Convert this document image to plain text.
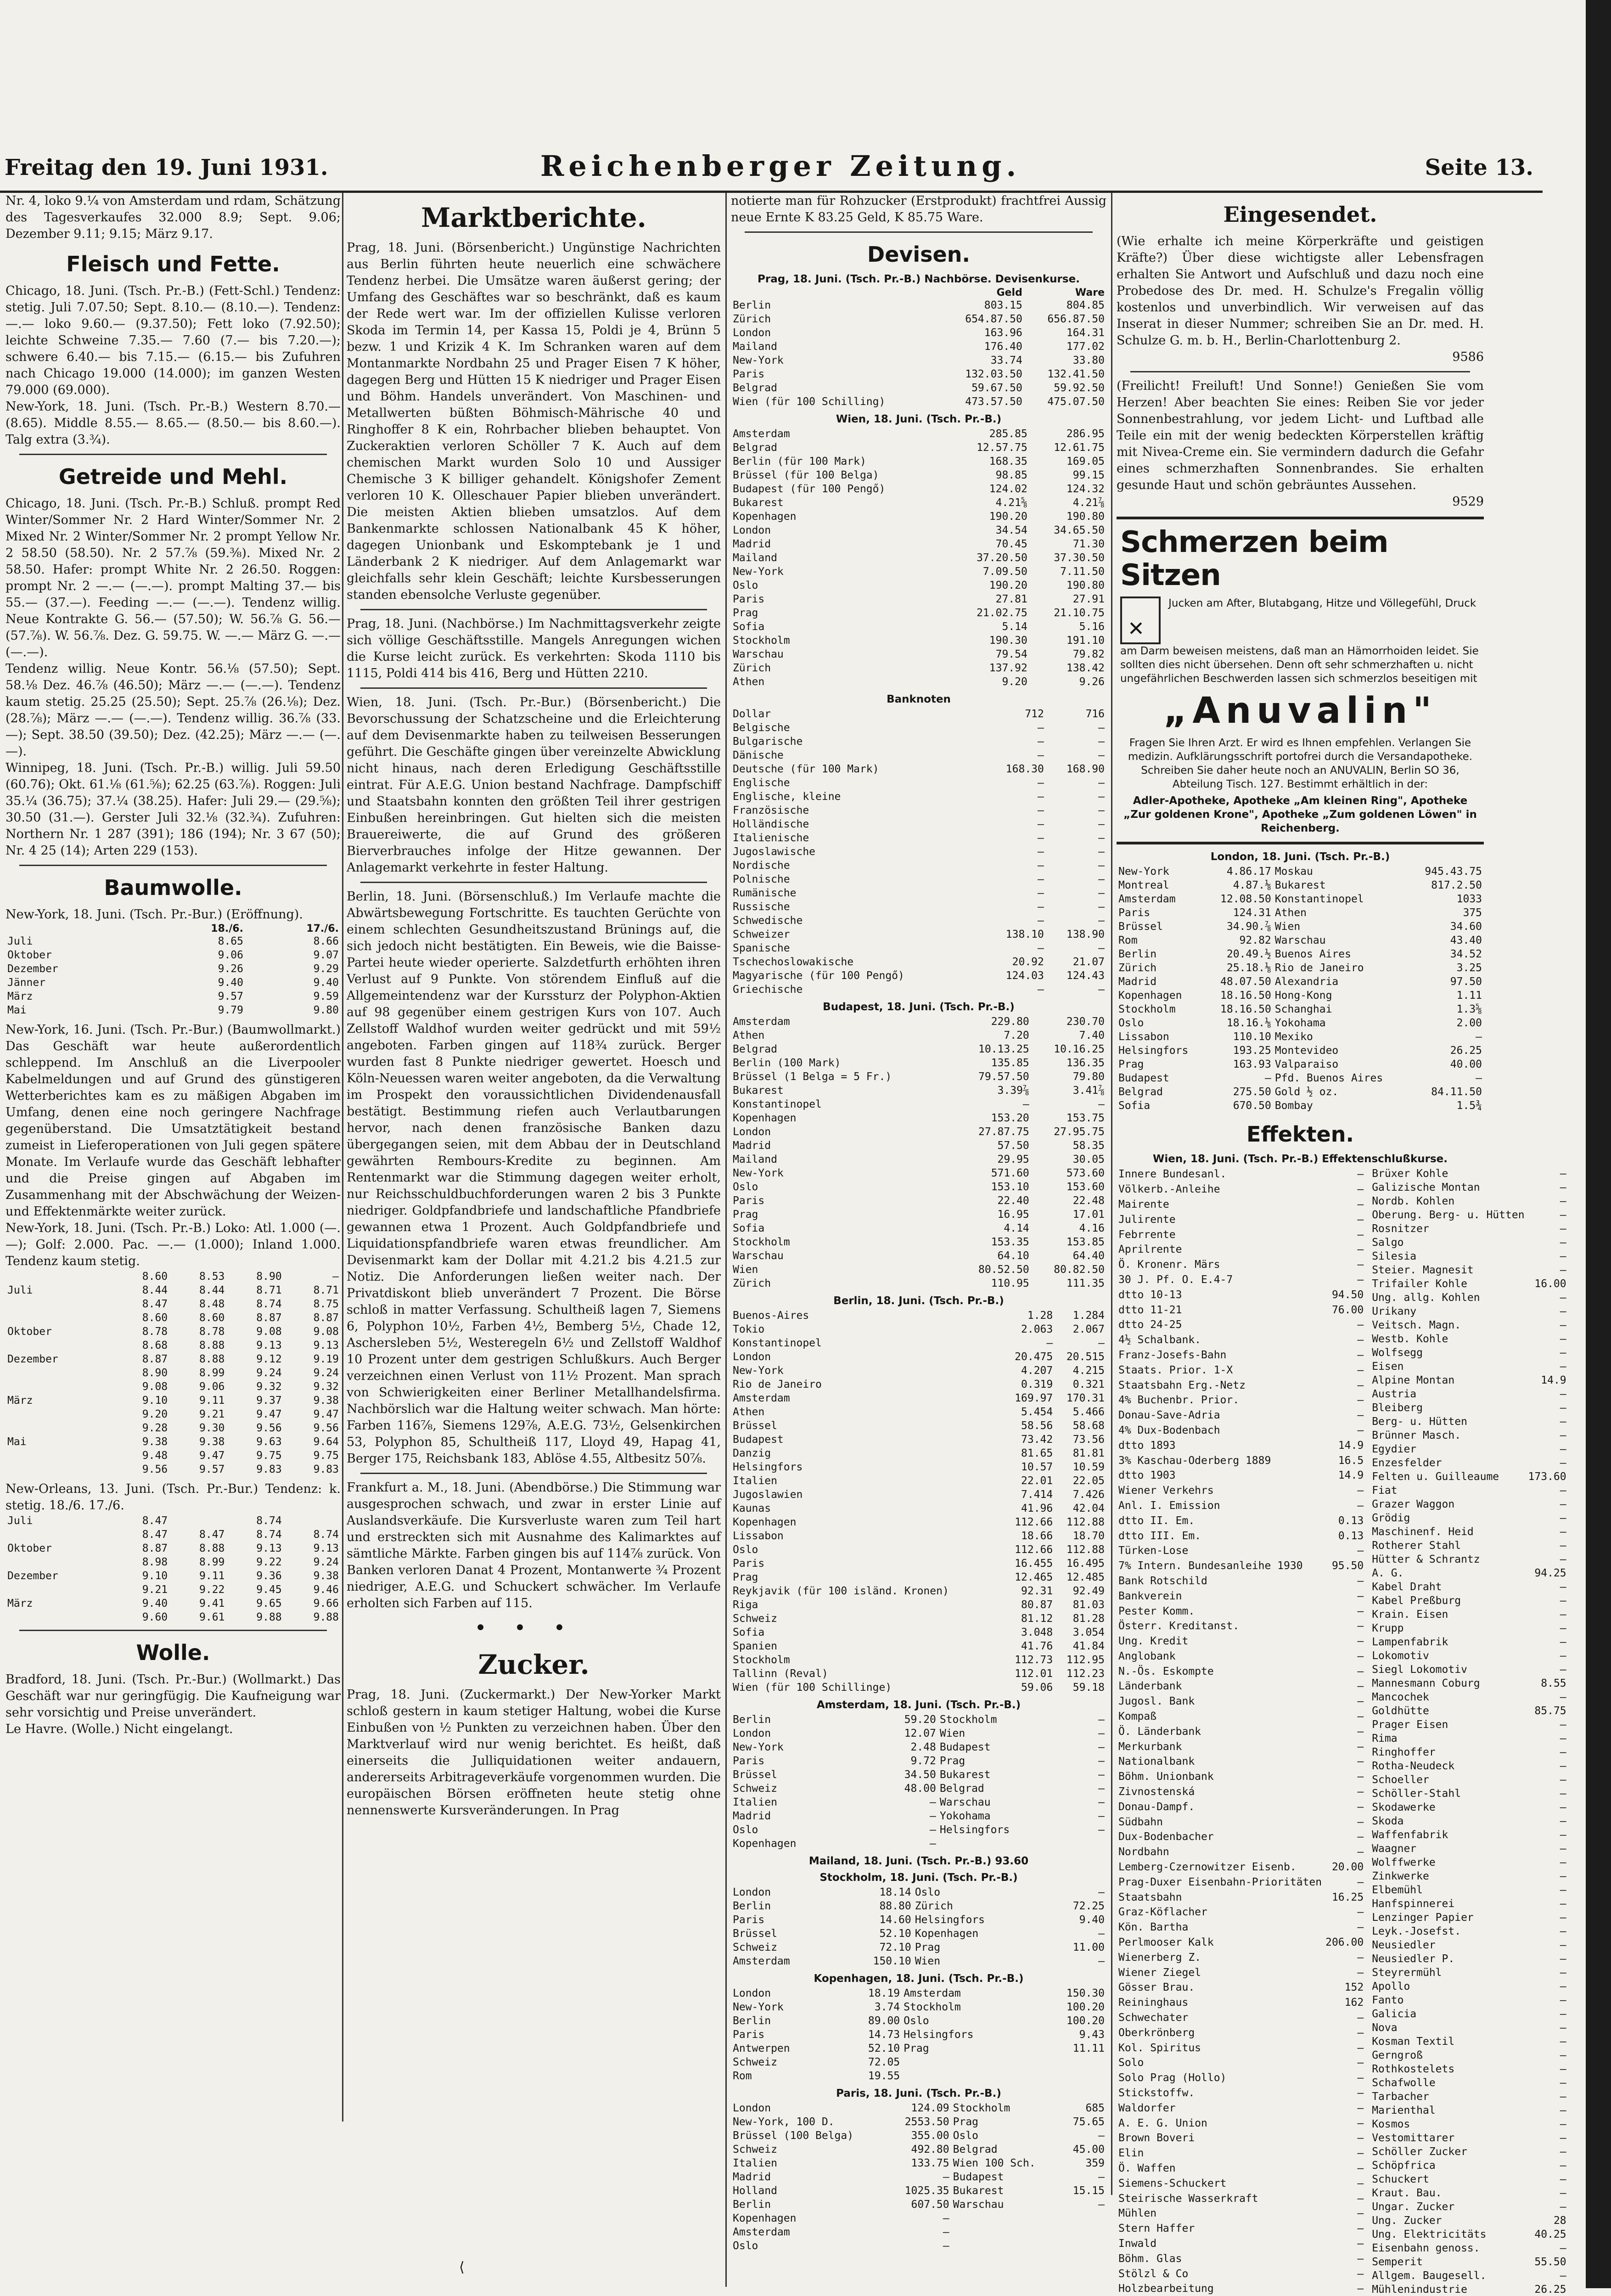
Freitag den 19. Juni 1931.	Reichenberger Zeitung.	Seite 13.
Nr. 4, loko 9.¼ von Amsterdam und rdam, Schätzung des Tagesverkaufes 32.000 8.9; Sept. 9.06; Dezember 9.11; 9.15; März 9.17.
Fleisch und Fette.
Chicago, 18. Juni. (Tsch. Pr.-B.) (Fett-Schl.) Tendenz: stetig. Juli 7.07.50; Sept. 8.10.— (8.10.—). Tendenz: —.— loko 9.60.— (9.37.50); Fett loko (7.92.50); leichte Schweine 7.35.— 7.60 (7.— bis 7.20.—); schwere 6.40.— bis 7.15.— (6.15.— bis Zufuhren nach Chicago 19.000 (14.000); im ganzen Westen 79.000 (69.000).
New-York, 18. Juni. (Tsch. Pr.-B.) Western 8.70.—(8.65). Middle 8.55.— 8.65.— (8.50.— bis 8.60.—). Talg extra (3.¾).
Getreide und Mehl.
Chicago, 18. Juni. (Tsch. Pr.-B.) Schluß. prompt Red Winter/Sommer Nr. 2 Hard Winter/Sommer Nr. 2 Mixed Nr. 2 Winter/Sommer Nr. 2 prompt Yellow Nr. 2 58.50 (58.50). Nr. 2 57.⅞ (59.⅜). Mixed Nr. 2 58.50. Hafer: prompt White Nr. 2 26.50. Roggen: prompt Nr. 2 —.— (—.—). prompt Malting 37.— bis 55.— (37.—). Feeding —.— (—.—). Tendenz willig. Neue Kontrakte G. 56.— (57.50); W. 56.⅞ G. 56.— (57.⅞). W. 56.⅞. Dez. G. 59.75. W. —.— März G. —.— (—.—).
Tendenz willig. Neue Kontr. 56.⅛ (57.50); Sept. 58.⅛ Dez. 46.⅞ (46.50); März —.— (—.—). Tendenz kaum stetig. 25.25 (25.50); Sept. 25.⅞ (26.⅛); Dez. (28.⅞); März —.— (—.—). Tendenz willig. 36.⅞ (33.—); Sept. 38.50 (39.50); Dez. (42.25); März —.— (—.—).
Winnipeg, 18. Juni. (Tsch. Pr.-B.) willig. Juli 59.50 (60.76); Okt. 61.⅛ (61.⅝); 62.25 (63.⅞). Roggen: Juli 35.¼ (36.75); 37.¼ (38.25). Hafer: Juli 29.— (29.⅝); 30.50 (31.—). Gerster Juli 32.⅛ (32.¾). Zufuhren: Northern Nr. 1 287 (391); 186 (194); Nr. 3 67 (50); Nr. 4 25 (14); Arten 229 (153).
Baumwolle.
New-York, 18. Juni. (Tsch. Pr.-Bur.) (Eröffnung).
	18./6.	17./6.
Juli	8.65	8.66
Oktober	9.06	9.07
Dezember	9.26	9.29
Jänner	9.40	9.40
März	9.57	9.59
Mai	9.79	9.80
New-York, 16. Juni. (Tsch. Pr.-Bur.) (Baumwollmarkt.) Das Geschäft war heute außerordentlich schleppend. Im Anschluß an die Liverpooler Kabelmeldungen und auf Grund des günstigeren Wetterberichtes kam es zu mäßigen Abgaben im Umfang, denen eine noch geringere Nachfrage gegenüberstand. Die Umsatztätigkeit bestand zumeist in Lieferoperationen von Juli gegen spätere Monate. Im Verlaufe wurde das Geschäft lebhafter und die Preise gingen auf Abgaben im Zusammenhang mit der Abschwächung der Weizen- und Effektenmärkte weiter zurück.
New-York, 18. Juni. (Tsch. Pr.-B.) Loko: Atl. 1.000 (—.—); Golf: 2.000. Pac. —.— (1.000); Inland 1.000. Tendenz kaum stetig.
	8.60	8.53	8.90	—
Juli	8.44	8.44	8.71	8.71
	8.47	8.48	8.74	8.75
	8.60	8.60	8.87	8.87
Oktober	8.78	8.78	9.08	9.08
	8.68	8.88	9.13	9.13
Dezember	8.87	8.88	9.12	9.19
	8.90	8.99	9.24	9.24
	9.08	9.06	9.32	9.32
März	9.10	9.11	9.37	9.38
	9.20	9.21	9.47	9.47
	9.28	9.30	9.56	9.56
Mai	9.38	9.38	9.63	9.64
	9.48	9.47	9.75	9.75
	9.56	9.57	9.83	9.83
New-Orleans, 13. Juni. (Tsch. Pr.-Bur.) Tendenz: k. stetig. 18./6. 17./6.
Juli	8.47		8.74	
	8.47	8.47	8.74	8.74
Oktober	8.87	8.88	9.13	9.13
	8.98	8.99	9.22	9.24
Dezember	9.10	9.11	9.36	9.38
	9.21	9.22	9.45	9.46
März	9.40	9.41	9.65	9.66
	9.60	9.61	9.88	9.88
Wolle.
Bradford, 18. Juni. (Tsch. Pr.-Bur.) (Wollmarkt.) Das Geschäft war nur geringfügig. Die Kaufneigung war sehr vorsichtig und Preise unverändert.
Le Havre. (Wolle.) Nicht eingelangt.
Marktberichte.
Prag, 18. Juni. (Börsenbericht.) Ungünstige Nachrichten aus Berlin führten heute neuerlich eine schwächere Tendenz herbei. Die Umsätze waren äußerst gering; der Umfang des Geschäftes war so beschränkt, daß es kaum der Rede wert war. Im der offiziellen Kulisse verloren Skoda im Termin 14, per Kassa 15, Poldi je 4, Brünn 5 bezw. 1 und Krizik 4 K. Im Schranken waren auf dem Montanmarkte Nordbahn 25 und Prager Eisen 7 K höher, dagegen Berg und Hütten 15 K niedriger und Prager Eisen und Böhm. Handels unverändert. Von Maschinen- und Metallwerten büßten Böhmisch-Mährische 40 und Ringhoffer 8 K ein, Rohrbacher blieben behauptet. Von Zuckeraktien verloren Schöller 7 K. Auch auf dem chemischen Markt wurden Solo 10 und Aussiger Chemische 3 K billiger gehandelt. Königshofer Zement verloren 10 K. Olleschauer Papier blieben unverändert. Die meisten Aktien blieben umsatzlos. Auf dem Bankenmarkte schlossen Nationalbank 45 K höher, dagegen Unionbank und Eskomptebank je 1 und Länderbank 2 K niedriger. Auf dem Anlagemarkt war gleichfalls sehr klein Geschäft; leichte Kursbesserungen standen ebensolche Verluste gegenüber.
Prag, 18. Juni. (Nachbörse.) Im Nachmittagsverkehr zeigte sich völlige Geschäftsstille. Mangels Anregungen wichen die Kurse leicht zurück. Es verkehrten: Skoda 1110 bis 1115, Poldi 414 bis 416, Berg und Hütten 2210.
Wien, 18. Juni. (Tsch. Pr.-Bur.) (Börsenbericht.) Die Bevorschussung der Schatzscheine und die Erleichterung auf dem Devisenmarkte haben zu teilweisen Besserungen geführt. Die Geschäfte gingen über vereinzelte Abwicklung nicht hinaus, nach deren Erledigung Geschäftsstille eintrat. Für A.E.G. Union bestand Nachfrage. Dampfschiff und Staatsbahn konnten den größten Teil ihrer gestrigen Einbußen hereinbringen. Gut hielten sich die meisten Brauereiwerte, die auf Grund des größeren Bierverbrauches infolge der Hitze gewannen. Der Anlagemarkt verkehrte in fester Haltung.
Berlin, 18. Juni. (Börsenschluß.) Im Verlaufe machte die Abwärtsbewegung Fortschritte. Es tauchten Gerüchte von einem schlechten Gesundheitszustand Brünings auf, die sich jedoch nicht bestätigten. Ein Beweis, wie die Baisse-Partei heute wieder operierte. Salzdetfurth erhöhten ihren Verlust auf 9 Punkte. Von störendem Einfluß auf die Allgemeintendenz war der Kurssturz der Polyphon-Aktien auf 98 gegenüber einem gestrigen Kurs von 107. Auch Zellstoff Waldhof wurden weiter gedrückt und mit 59½ angeboten. Farben gingen auf 118¾ zurück. Berger wurden fast 8 Punkte niedriger gewertet. Hoesch und Köln-Neuessen waren weiter angeboten, da die Verwaltung im Prospekt den voraussichtlichen Dividendenausfall bestätigt. Bestimmung riefen auch Verlautbarungen hervor, nach denen französische Banken dazu übergegangen seien, mit dem Abbau der in Deutschland gewährten Rembours-Kredite zu beginnen. Am Rentenmarkt war die Stimmung dagegen weiter erholt, nur Reichsschuldbuchforderungen waren 2 bis 3 Punkte niedriger. Goldpfandbriefe und landschaftliche Pfandbriefe gewannen etwa 1 Prozent. Auch Goldpfandbriefe und Liquidationspfandbriefe waren etwas freundlicher. Am Devisenmarkt kam der Dollar mit 4.21.2 bis 4.21.5 zur Notiz. Die Anforderungen ließen weiter nach. Der Privatdiskont blieb unverändert 7 Prozent. Die Börse schloß in matter Verfassung. Schultheiß lagen 7, Siemens 6, Polyphon 10½, Farben 4½, Bemberg 5½, Chade 12, Aschersleben 5½, Westeregeln 6½ und Zellstoff Waldhof 10 Prozent unter dem gestrigen Schlußkurs. Auch Berger verzeichnen einen Verlust von 11½ Prozent. Man sprach von Schwierigkeiten einer Berliner Metallhandelsfirma. Nachbörslich war die Haltung weiter schwach. Man hörte: Farben 116⅞, Siemens 129⅞, A.E.G. 73½, Gelsenkirchen 53, Polyphon 85, Schultheiß 117, Lloyd 49, Hapag 41, Berger 175, Reichsbank 183, Ablöse 4.55, Altbesitz 50⅞.
Frankfurt a. M., 18. Juni. (Abendbörse.) Die Stimmung war ausgesprochen schwach, und zwar in erster Linie auf Auslandsverkäufe. Die Kursverluste waren zum Teil hart und erstreckten sich mit Ausnahme des Kalimarktes auf sämtliche Märkte. Farben gingen bis auf 114⅞ zurück. Von Banken verloren Danat 4 Prozent, Montanwerte ¾ Prozent niedriger, A.E.G. und Schuckert schwächer. Im Verlaufe erholten sich Farben auf 115.
•••
Zucker.
Prag, 18. Juni. (Zuckermarkt.) Der New-Yorker Markt schloß gestern in kaum stetiger Haltung, wobei die Kurse Einbußen von ½ Punkten zu verzeichnen haben. Über den Marktverlauf wird nur wenig berichtet. Es heißt, daß einerseits die Julliquidationen weiter andauern, andererseits Arbitrageverkäufe vorgenommen wurden. Die europäischen Börsen eröffneten heute stetig ohne nennenswerte Kursveränderungen. In Prag
notierte man für Rohzucker (Erstprodukt) frachtfrei Aussig neue Ernte K 83.25 Geld, K 85.75 Ware.
Devisen.
Prag, 18. Juni. (Tsch. Pr.-B.) Nachbörse. Devisenkurse.
	Geld	Ware
Berlin	803.15	804.85
Zürich	654.87.50	656.87.50
London	163.96	164.31
Mailand	176.40	177.02
New-York	33.74	33.80
Paris	132.03.50	132.41.50
Belgrad	59.67.50	59.92.50
Wien (für 100 Schilling)	473.57.50	475.07.50
Wien, 18. Juni. (Tsch. Pr.-B.)
Amsterdam	285.85	286.95
Belgrad	12.57.75	12.61.75
Berlin (für 100 Mark)	168.35	169.05
Brüssel (für 100 Belga)	98.85	99.15
Budapest (für 100 Pengő)	124.02	124.32
Bukarest	4.21⅝	4.21⅞
Kopenhagen	190.20	190.80
London	34.54	34.65.50
Madrid	70.45	71.30
Mailand	37.20.50	37.30.50
New-York	7.09.50	7.11.50
Oslo	190.20	190.80
Paris	27.81	27.91
Prag	21.02.75	21.10.75
Sofia	5.14	5.16
Stockholm	190.30	191.10
Warschau	79.54	79.82
Zürich	137.92	138.42
Athen	9.20	9.26
Banknoten
Dollar	712	716
Belgische	—	—
Bulgarische	—	—
Dänische	—	—
Deutsche (für 100 Mark)	168.30	168.90
Englische	—	—
Englische, kleine	—	—
Französische	—	—
Holländische	—	—
Italienische	—	—
Jugoslawische	—	—
Nordische	—	—
Polnische	—	—
Rumänische	—	—
Russische	—	—
Schwedische	—	—
Schweizer	138.10	138.90
Spanische	—	—
Tschechoslowakische	20.92	21.07
Magyarische (für 100 Pengő)	124.03	124.43
Griechische	—	—
Budapest, 18. Juni. (Tsch. Pr.-B.)
Amsterdam	229.80	230.70
Athen	7.20	7.40
Belgrad	10.13.25	10.16.25
Berlin (100 Mark)	135.85	136.35
Brüssel (1 Belga = 5 Fr.)	79.57.50	79.80
Bukarest	3.39⅞	3.41⅞
Konstantinopel	—	—
Kopenhagen	153.20	153.75
London	27.87.75	27.95.75
Madrid	57.50	58.35
Mailand	29.95	30.05
New-York	571.60	573.60
Oslo	153.10	153.60
Paris	22.40	22.48
Prag	16.95	17.01
Sofia	4.14	4.16
Stockholm	153.35	153.85
Warschau	64.10	64.40
Wien	80.52.50	80.82.50
Zürich	110.95	111.35
Berlin, 18. Juni. (Tsch. Pr.-B.)
Buenos-Aires	1.28	1.284
Tokio	2.063	2.067
Konstantinopel	—	—
London	20.475	20.515
New-York	4.207	4.215
Rio de Janeiro	0.319	0.321
Amsterdam	169.97	170.31
Athen	5.454	5.466
Brüssel	58.56	58.68
Budapest	73.42	73.56
Danzig	81.65	81.81
Helsingfors	10.57	10.59
Italien	22.01	22.05
Jugoslawien	7.414	7.426
Kaunas	41.96	42.04
Kopenhagen	112.66	112.88
Lissabon	18.66	18.70
Oslo	112.66	112.88
Paris	16.455	16.495
Prag	12.465	12.485
Reykjavik (für 100 isländ. Kronen)	92.31	92.49
Riga	80.87	81.03
Schweiz	81.12	81.28
Sofia	3.048	3.054
Spanien	41.76	41.84
Stockholm	112.73	112.95
Tallinn (Reval)	112.01	112.23
Wien (für 100 Schillinge)	59.06	59.18
Amsterdam, 18. Juni. (Tsch. Pr.-B.)
Berlin	59.20	Stockholm	—
London	12.07	Wien	—
New-York	2.48	Budapest	—
Paris	9.72	Prag	—
Brüssel	34.50	Bukarest	—
Schweiz	48.00	Belgrad	—
Italien	—	Warschau	—
Madrid	—	Yokohama	—
Oslo	—	Helsingfors	—
Kopenhagen	—		
Mailand, 18. Juni. (Tsch. Pr.-B.) 93.60
Stockholm, 18. Juni. (Tsch. Pr.-B.)
London	18.14	Oslo	—
Berlin	88.80	Zürich	72.25
Paris	14.60	Helsingfors	9.40
Brüssel	52.10	Kopenhagen	—
Schweiz	72.10	Prag	11.00
Amsterdam	150.10	Wien	—
Kopenhagen, 18. Juni. (Tsch. Pr.-B.)
London	18.19	Amsterdam	150.30
New-York	3.74	Stockholm	100.20
Berlin	89.00	Oslo	100.20
Paris	14.73	Helsingfors	9.43
Antwerpen	52.10	Prag	11.11
Schweiz	72.05		
Rom	19.55		
Paris, 18. Juni. (Tsch. Pr.-B.)
London	124.09	Stockholm	685
New-York, 100 D.	2553.50	Prag	75.65
Brüssel (100 Belga)	355.00	Oslo	—
Schweiz	492.80	Belgrad	45.00
Italien	133.75	Wien 100 Sch.	359
Madrid	—	Budapest	—
Holland	1025.35	Bukarest	15.15
Berlin	607.50	Warschau	—
Kopenhagen	—		
Amsterdam	—		
Oslo	—		
Eingesendet.
(Wie erhalte ich meine Körperkräfte und geistigen Kräfte?) Über diese wichtigste aller Lebensfragen erhalten Sie Antwort und Aufschluß und dazu noch eine Probedose des Dr. med. H. Schulze's Fregalin völlig kostenlos und unverbindlich. Wir verweisen auf das Inserat in dieser Nummer; schreiben Sie an Dr. med. H. Schulze G. m. b. H., Berlin-Charlottenburg 2.
9586
(Freilicht! Freiluft! Und Sonne!) Genießen Sie vom Herzen! Aber beachten Sie eines: Reiben Sie vor jeder Sonnenbestrahlung, vor jedem Licht- und Luftbad alle Teile ein mit der wenig bedeckten Körperstellen kräftig mit Nivea-Creme ein. Sie vermindern dadurch die Gefahr eines schmerzhaften Sonnenbrandes. Sie erhalten gesunde Haut und schön gebräuntes Aussehen.
9529
Schmerzen beim Sitzen
✕ Jucken am After, Blutabgang, Hitze und Völlegefühl, Druck am Darm beweisen meistens, daß man an Hämorrhoiden leidet. Sie sollten dies nicht übersehen. Denn oft sehr schmerzhaften u. nicht ungefährlichen Beschwerden lassen sich schmerzlos beseitigen mit
„Anuvalin"
Fragen Sie Ihren Arzt. Er wird es Ihnen empfehlen. Verlangen Sie medizin. Aufklärungsschrift portofrei durch die Versandapotheke. Schreiben Sie daher heute noch an ANUVALIN, Berlin SO 36, Abteilung Tisch. 127. Bestimmt erhältlich in der:
Adler-Apotheke, Apotheke „Am kleinen Ring", Apotheke „Zur goldenen Krone", Apotheke „Zum goldenen Löwen" in Reichenberg.
London, 18. Juni. (Tsch. Pr.-B.)
New-York	4.86.17	Moskau	945.43.75
Montreal	4.87.⅛	Bukarest	817.2.50
Amsterdam	12.08.50	Konstantinopel	1033
Paris	124.31	Athen	375
Brüssel	34.90.⅞	Wien	34.60
Rom	92.82	Warschau	43.40
Berlin	20.49.½	Buenos Aires	34.52
Zürich	25.18.⅛	Rio de Janeiro	3.25
Madrid	48.07.50	Alexandria	97.50
Kopenhagen	18.16.50	Hong-Kong	1.11
Stockholm	18.16.50	Schanghai	1.3⅝
Oslo	18.16.⅛	Yokohama	2.00
Lissabon	110.10	Mexiko	—
Helsingfors	193.25	Montevideo	26.25
Prag	163.93	Valparaiso	40.00
Budapest	—	Pfd. Buenos Aires	—
Belgrad	275.50	Gold ½ oz.	84.11.50
Sofia	670.50	Bombay	1.5¾
Effekten.
Wien, 18. Juni. (Tsch. Pr.-B.) Effektenschlußkurse.
Innere Bundesanl.	—
Völkerb.-Anleihe	—
Mairente	—
Julirente	—
Febrrente	—
Aprilrente	—
Ö. Kronenr. Märs	—
30 J. Pf. O. E.4-7	—
dtto 10-13	94.50
dtto 11-21	76.00
dtto 24-25	—
4½ Schalbank.	—
Franz-Josefs-Bahn	—
Staats. Prior. 1-X	—
Staatsbahn Erg.-Netz	—
4% Buchenbr. Prior.	—
Donau-Save-Adria	—
4% Dux-Bodenbach	—
dtto 1893	14.9
3% Kaschau-Oderberg 1889	16.5
dtto 1903	14.9
Wiener Verkehrs	—
Anl. I. Emission	—
dtto II. Em.	0.13
dtto III. Em.	0.13
Türken-Lose	—
7% Intern. Bundesanleihe 1930	95.50
Bank Rotschild	—
Bankverein	—
Pester Komm.	—
Österr. Kreditanst.	—
Ung. Kredit	—
Anglobank	—
N.-Ös. Eskompte	—
Länderbank	—
Jugosl. Bank	—
Kompaß	—
Ö. Länderbank	—
Merkurbank	—
Nationalbank	—
Böhm. Unionbank	—
Zivnostenská	—
Donau-Dampf.	—
Südbahn	—
Dux-Bodenbacher	—
Nordbahn	—
Lemberg-Czernowitzer Eisenb.	20.00
Prag-Duxer Eisenbahn-Prioritäten	—
Staatsbahn	16.25
Graz-Köflacher	—
Kön. Bartha	—
Perlmooser Kalk	206.00
Wienerberg Z.	—
Wiener Ziegel	—
Gösser Brau.	152
Reininghaus	162
Schwechater	—
Oberkrönberg	—
Kol. Spiritus	—
Solo	—
Solo Prag (Hollo)	—
Stickstoffw.	—
Waldorfer	—
A. E. G. Union	—
Brown Boveri	—
Elin	—
Ö. Waffen	—
Siemens-Schuckert	—
Steirische Wasserkraft	—
Mühlen	—
Stern Haffer	—
Inwald	—
Böhm. Glas	—
Stölzl & Co	—
Holzbearbeitung	—
Brüxer Kohle	—
Galizische Montan	—
Nordb. Kohlen	—
Oberung. Berg- u. Hütten	—
Rosnitzer	—
Salgo	—
Silesia	—
Steier. Magnesit	—
Trifailer Kohle	16.00
Ung. allg. Kohlen	—
Urikany	—
Veitsch. Magn.	—
Westb. Kohle	—
Wolfsegg	—
Eisen	—
Alpine Montan	14.9
Austria	—
Bleiberg	—
Berg- u. Hütten	—
Brünner Masch.	—
Egydier	—
Enzesfelder	—
Felten u. Guilleaume	173.60
Fiat	—
Grazer Waggon	—
Grödig	—
Maschinenf. Heid	—
Rotherer Stahl	—
Hütter & Schrantz	—
A. G.	94.25
Kabel Draht	—
Kabel Preßburg	—
Krain. Eisen	—
Krupp	—
Lampenfabrik	—
Lokomotiv	—
Siegl Lokomotiv	—
Mannesmann Coburg	8.55
Mancochek	—
Goldhütte	85.75
Prager Eisen	—
Rima	—
Ringhoffer	—
Rotha-Neudeck	—
Schoeller	—
Schöller-Stahl	—
Skodawerke	—
Skoda	—
Waffenfabrik	—
Waagner	—
Wolffwerke	—
Zinkwerke	—
Elbemühl	—
Hanfspinnerei	—
Lenzinger Papier	—
Leyk.-Josefst.	—
Neusiedler	—
Neusiedler P.	—
Steyrermühl	—
Apollo	—
Fanto	—
Galicia	—
Nova	—
Kosman Textil	—
Gerngroß	—
Rothkostelets	—
Schafwolle	—
Tarbacher	—
Marienthal	—
Kosmos	—
Vestomittarer	—
Schöller Zucker	—
Schöpfrica	—
Schuckert	—
Kraut. Bau.	—
Ungar. Zucker	—
Ung. Zucker	28
Ung. Elektricitäts	40.25
Eisenbahn genoss.	—
Semperit	55.50
Allgem. Baugesell.	—
Mühlenindustrie	26.25
⟨
